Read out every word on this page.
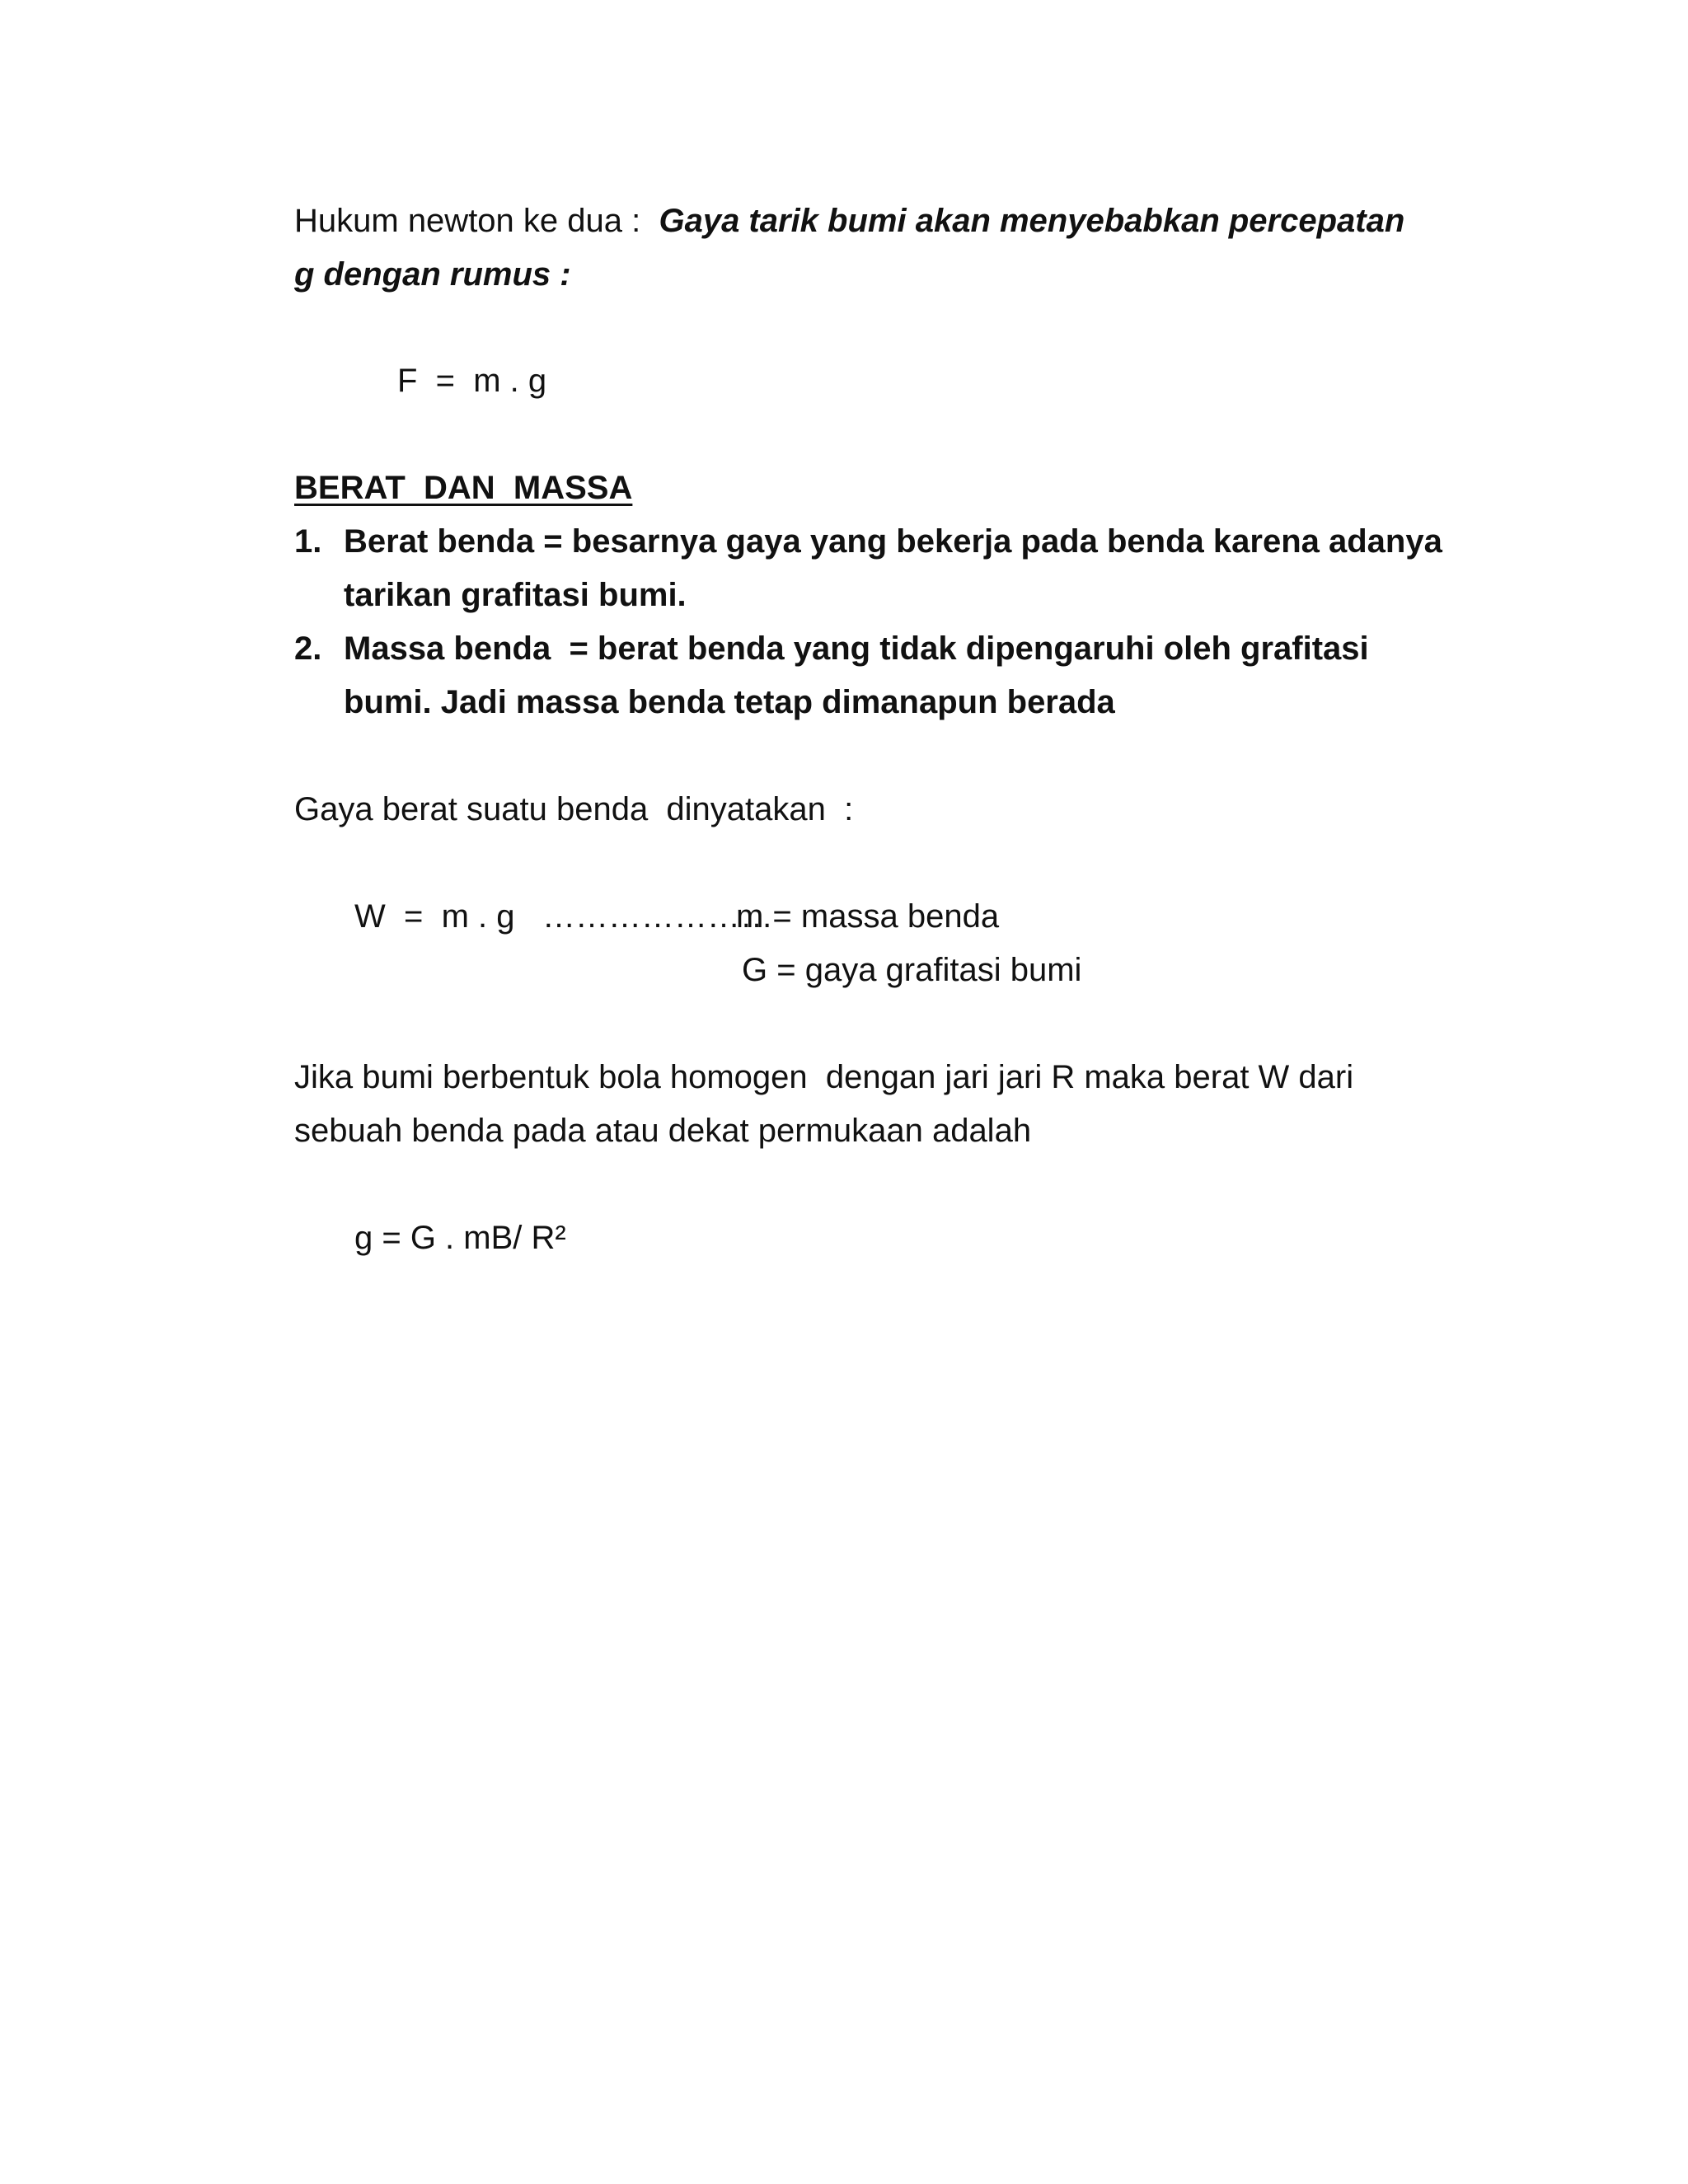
Hukum newton ke dua : Gaya tarik bumi akan menyebabkan percepatan
g dengan rumus :
F  =  m . g
BERAT  DAN  MASSA
1. Berat benda = besarnya gaya yang bekerja pada benda karena adanya
tarikan grafitasi bumi.
2. Massa benda  = berat benda yang tidak dipengaruhi oleh grafitasi
bumi. Jadi massa benda tetap dimanapun berada
Gaya berat suatu benda  dinyatakan  :
W  =  m . g …………………
m = massa benda
G = gaya grafitasi bumi
Jika bumi berbentuk bola homogen  dengan jari jari R maka berat W dari
sebuah benda pada atau dekat permukaan adalah
g = G . mB/ R²
